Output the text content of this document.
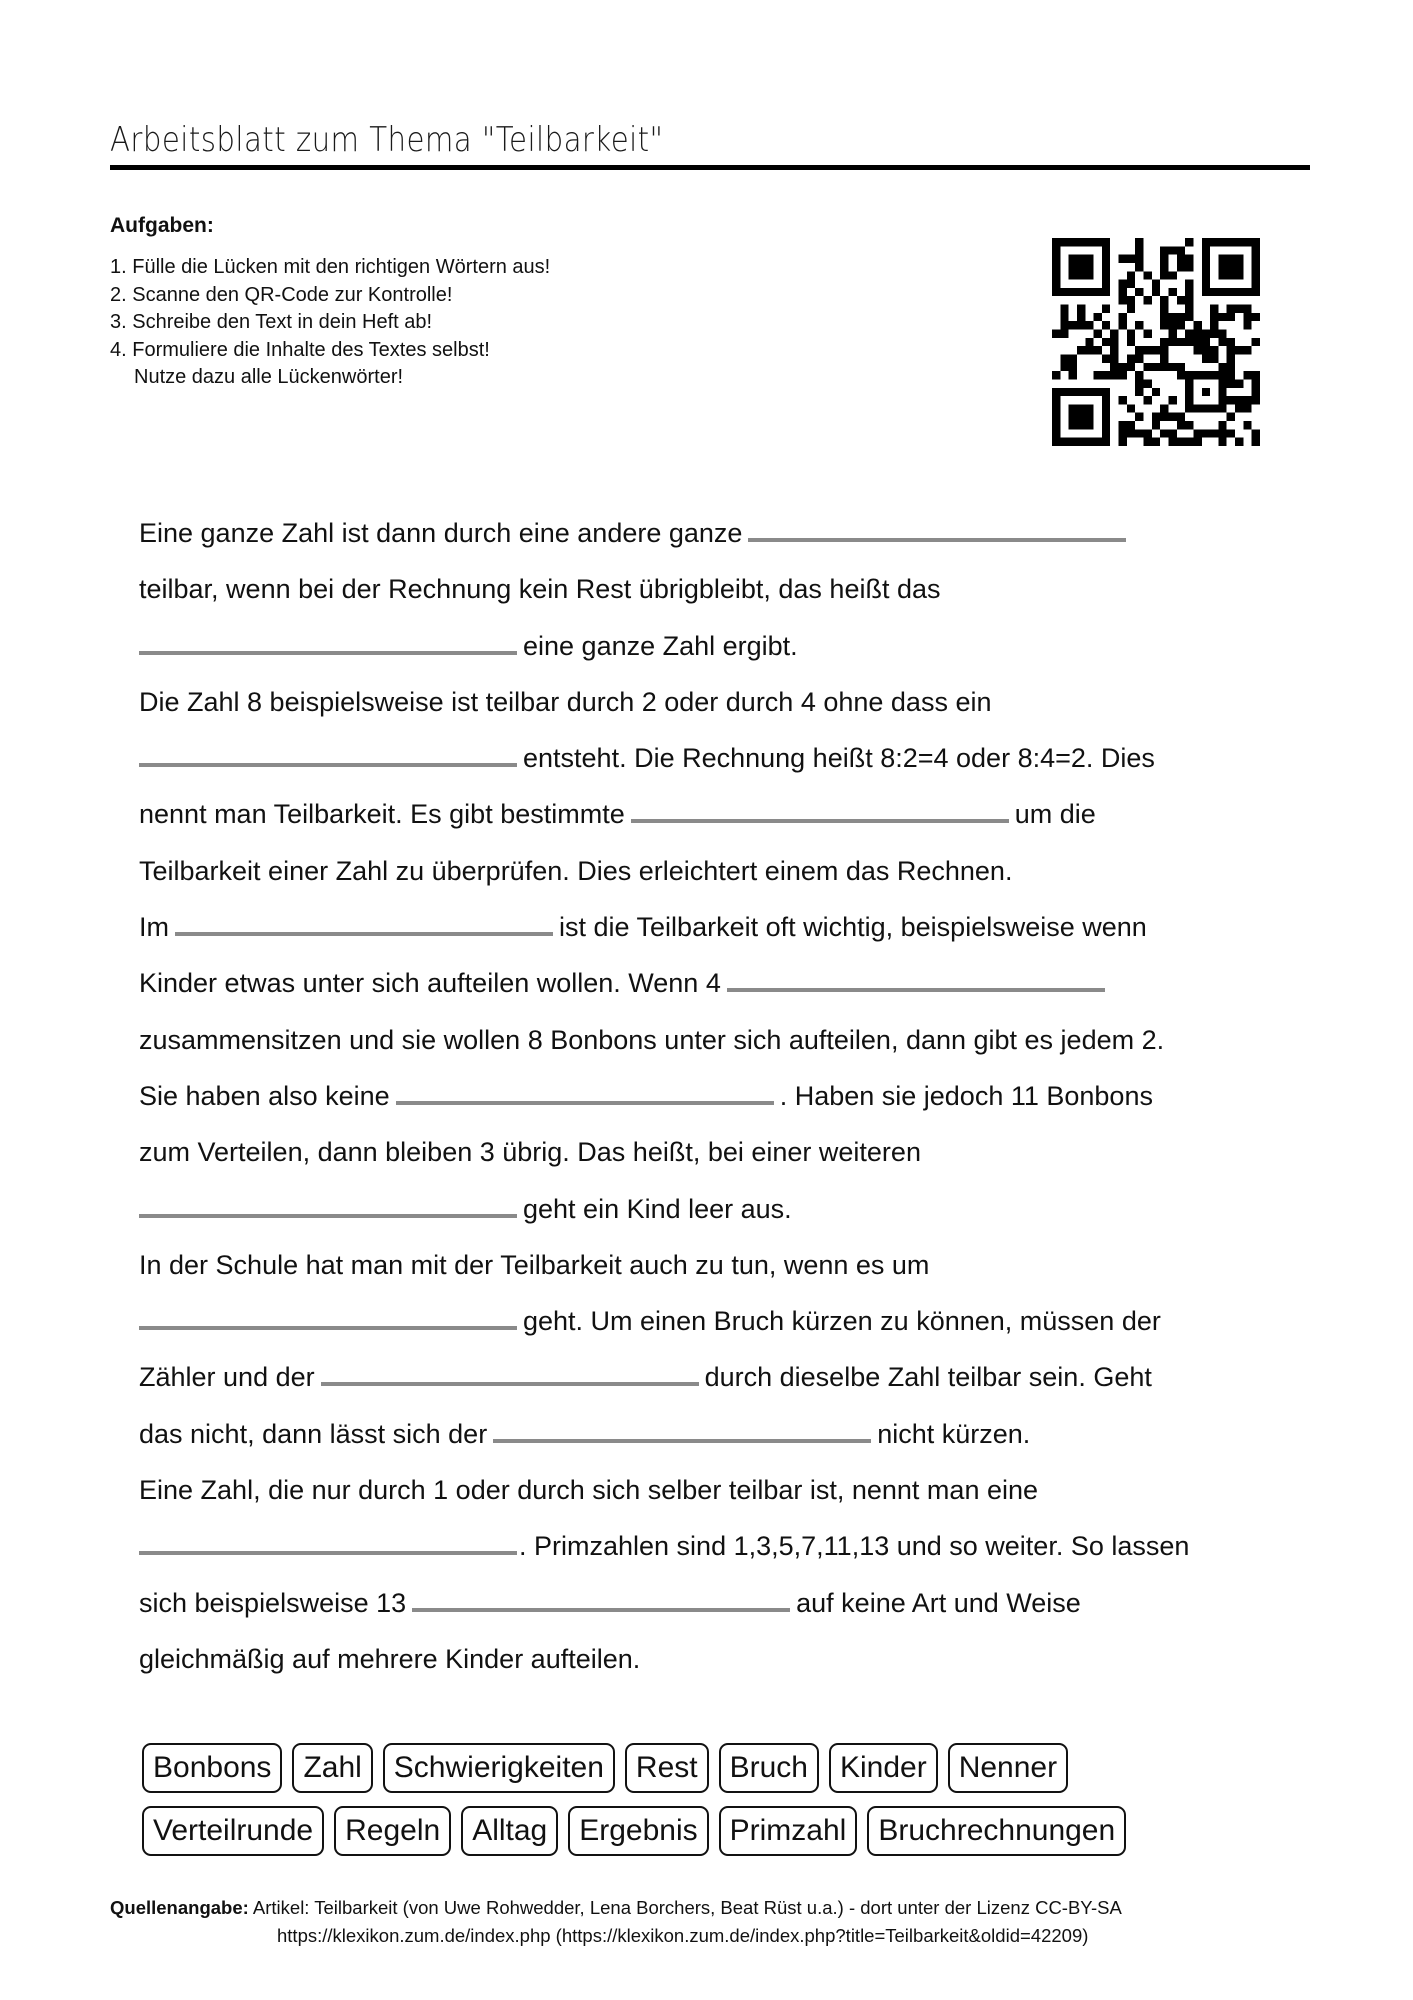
Arbeitsblatt zum Thema "Teilbarkeit"
Aufgaben:
1. Fülle die Lücken mit den richtigen Wörtern aus!
2. Scanne den QR-Code zur Kontrolle!
3. Schreibe den Text in dein Heft ab!
4. Formuliere die Inhalte des Textes selbst!
Nutze dazu alle Lückenwörter!
Eine ganze Zahl ist dann durch eine andere ganze
teilbar, wenn bei der Rechnung kein Rest übrigbleibt, das heißt das
eine ganze Zahl ergibt.
Die Zahl 8 beispielsweise ist teilbar durch 2 oder durch 4 ohne dass ein
entsteht. Die Rechnung heißt 8:2=4 oder 8:4=2. Dies
nennt man Teilbarkeit. Es gibt bestimmte	um die
Teilbarkeit einer Zahl zu überprüfen. Dies erleichtert einem das Rechnen.
Im	ist die Teilbarkeit oft wichtig, beispielsweise wenn
Kinder etwas unter sich aufteilen wollen. Wenn 4
zusammensitzen und sie wollen 8 Bonbons unter sich aufteilen, dann gibt es jedem 2.
Sie haben also keine	. Haben sie jedoch 11 Bonbons
zum Verteilen, dann bleiben 3 übrig. Das heißt, bei einer weiteren
geht ein Kind leer aus.
In der Schule hat man mit der Teilbarkeit auch zu tun, wenn es um
geht. Um einen Bruch kürzen zu können, müssen der
Zähler und der	durch dieselbe Zahl teilbar sein. Geht
das nicht, dann lässt sich der	nicht kürzen.
Eine Zahl, die nur durch 1 oder durch sich selber teilbar ist, nennt man eine
. Primzahlen sind 1,3,5,7,11,13 und so weiter. So lassen
sich beispielsweise 13	auf keine Art und Weise
gleichmäßig auf mehrere Kinder aufteilen.
Bonbons	Zahl	Schwierigkeiten	Rest	Bruch	Kinder	Nenner
Verteilrunde	Regeln	Alltag	Ergebnis	Primzahl	Bruchrechnungen
Quellenangabe: Artikel: Teilbarkeit (von Uwe Rohwedder, Lena Borchers, Beat Rüst u.a.) - dort unter der Lizenz CC-BY-SA
https://klexikon.zum.de/index.php (https://klexikon.zum.de/index.php?title=Teilbarkeit&oldid=42209)
